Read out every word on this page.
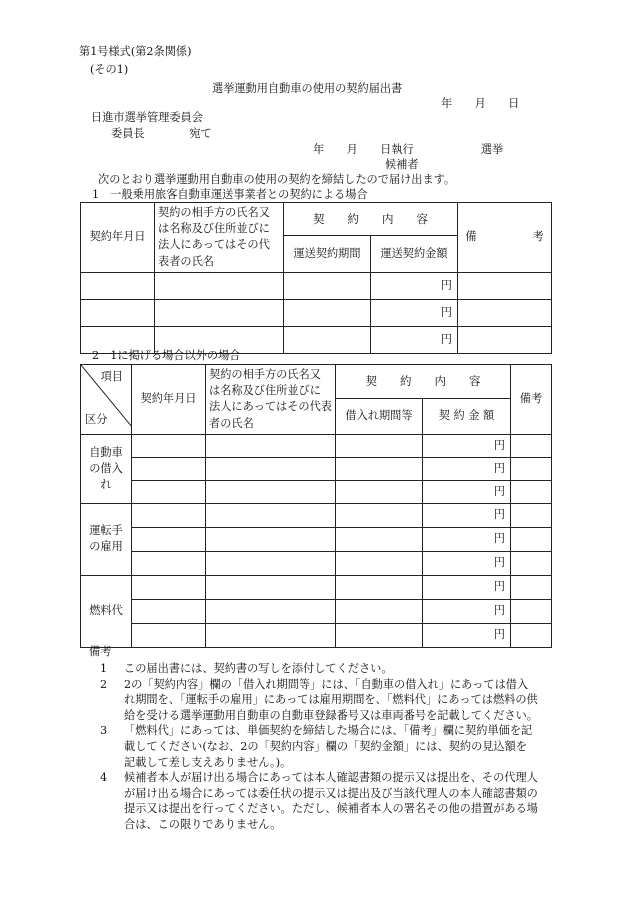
第1号様式(第2条関係)
(その1)
選挙運動用自動車の使用の契約届出書
年　　月　　日
日進市選挙管理委員会
委員長　　　　宛て
年　　月　　日執行　　　　　　選挙
候補者
次のとおり選挙運動用自動車の使用の契約を締結したので届け出ます。
1　一般乗用旅客自動車運送事業者との契約による場合
契約年月日	契約の相手方の氏名又は名称及び住所並びに法人にあってはその代表者の氏名	契　　約　　内　　容		備　　　　　考
		運送契約期間	運送契約金額	
			円	
			円	
			円	
2　1に掲げる場合以外の場合
項目
区分	契約年月日	契約の相手方の氏名又は名称及び住所並びに法人にあってはその代表者の氏名	契　　約　　内　　容		備考
			借入れ期間等	契 約 金 額	
自動車の借入れ				円	
				円	
				円	
運転手の雇用				円	
				円	
				円	
燃料代				円	
				円	
				円	
備考
1 この届出書には、契約書の写しを添付してください。
2 2の「契約内容」欄の「借入れ期間等」には、「自動車の借入れ」にあっては借入れ期間を、「運転手の雇用」にあっては雇用期間を、「燃料代」にあっては燃料の供給を受ける選挙運動用自動車の自動車登録番号又は車両番号を記載してください。
3 「燃料代」にあっては、単価契約を締結した場合には、「備考」欄に契約単価を記載してください(なお、2の「契約内容」欄の「契約金額」には、契約の見込額を記載して差し支えありません。)。
4 候補者本人が届け出る場合にあっては本人確認書類の提示又は提出を、その代理人が届け出る場合にあっては委任状の提示又は提出及び当該代理人の本人確認書類の提示又は提出を行ってください。ただし、候補者本人の署名その他の措置がある場合は、この限りでありません。
